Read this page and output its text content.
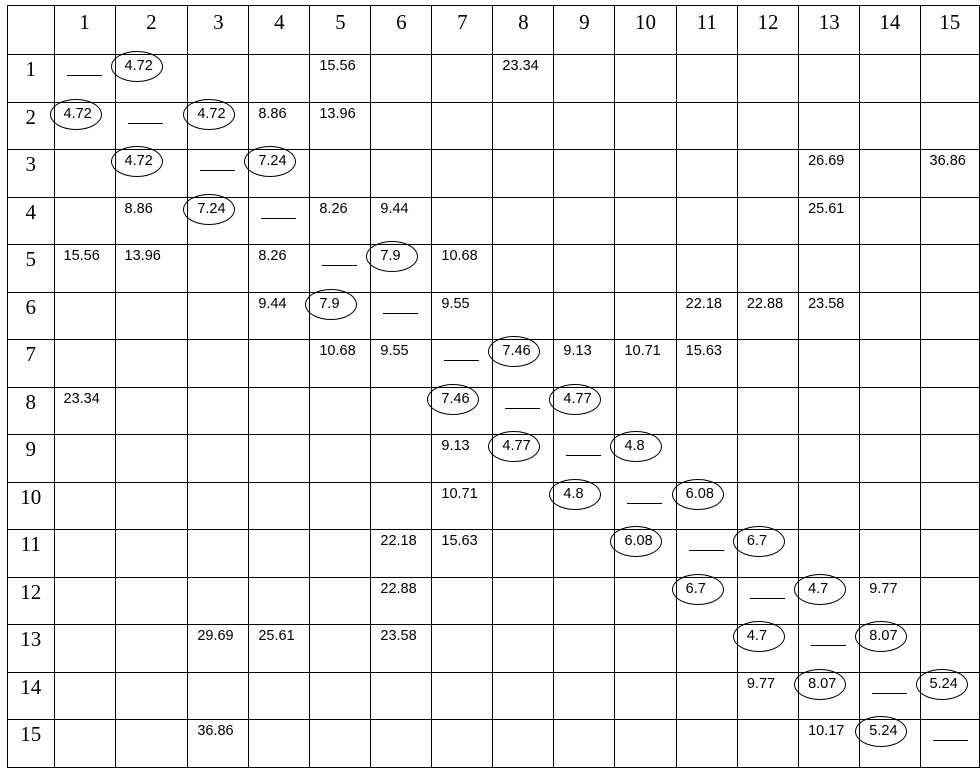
	1	2	3	4	5	6	7	8	9	10	11	12	13	14	15
1		4.72			15.56			23.34							

2	4.72		4.72	8.86	13.96										

3		4.72		7.24									26.69		36.86

4		8.86	7.24		8.26	9.44							25.61		

5	15.56	13.96		8.26		7.9	10.68								

6				9.44	7.9		9.55				22.18	22.88	23.58		

7					10.68	9.55		7.46	9.13	10.71	15.63				

8	23.34						7.46		4.77						

9							9.13	4.77		4.8					

10							10.71		4.8		6.08				

11						22.18	15.63			6.08		6.7			

12						22.88					6.7		4.7	9.77	

13			29.69	25.61		23.58						4.7		8.07	

14												9.77	8.07		5.24

15			36.86										10.17	5.24	
